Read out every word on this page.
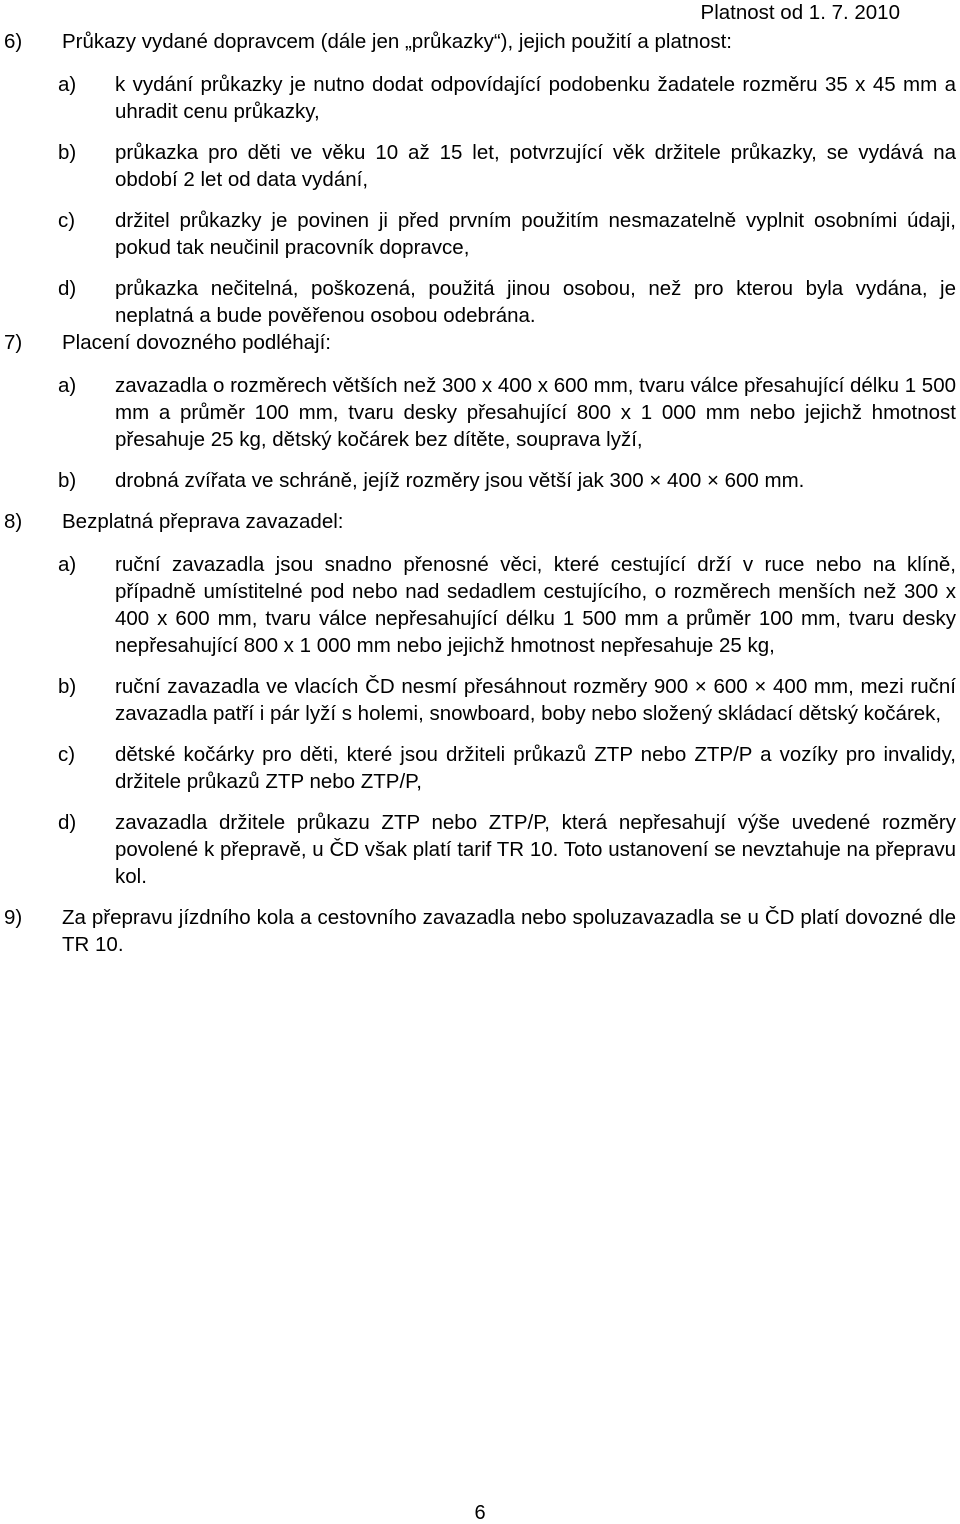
Platnost od 1. 7. 2010
6)	Průkazy vydané dopravcem (dále jen „průkazky“), jejich použití a platnost:
a)	k vydání průkazky je nutno dodat odpovídající podobenku žadatele rozměru 35 x 45 mm a uhradit cenu průkazky,
b)	průkazka pro děti ve věku 10 až 15 let, potvrzující věk držitele průkazky, se vydává na období 2 let od data vydání,
c)	držitel průkazky je povinen ji před prvním použitím nesmazatelně vyplnit osobními údaji, pokud tak neučinil pracovník dopravce,
d)	průkazka nečitelná, poškozená, použitá jinou osobou, než pro kterou byla vydána, je neplatná a bude pověřenou osobou odebrána.
7)	Placení dovozného podléhají:
a)	zavazadla o rozměrech větších než 300 x 400 x 600 mm, tvaru válce přesahující délku 1 500 mm a průměr 100 mm, tvaru desky přesahující 800 x 1 000 mm nebo jejichž hmotnost přesahuje 25 kg, dětský kočárek bez dítěte, souprava lyží,
b)	drobná zvířata ve schráně, jejíž rozměry jsou větší jak 300 × 400 × 600 mm.
8)	Bezplatná přeprava zavazadel:
a)	ruční zavazadla jsou snadno přenosné věci, které cestující drží v ruce nebo na klíně, případně umístitelné pod nebo nad sedadlem cestujícího, o rozměrech menších než 300 x 400 x 600 mm, tvaru válce nepřesahující délku 1 500 mm a průměr 100 mm, tvaru desky nepřesahující 800 x 1 000 mm nebo jejichž hmotnost nepřesahuje 25 kg,
b)	ruční zavazadla ve vlacích ČD nesmí přesáhnout rozměry 900 × 600 × 400 mm, mezi ruční zavazadla patří i pár lyží s holemi, snowboard, boby nebo složený skládací dětský kočárek,
c)	dětské kočárky pro děti, které jsou držiteli průkazů ZTP nebo ZTP/P a vozíky pro invalidy, držitele průkazů ZTP nebo ZTP/P,
d)	zavazadla držitele průkazu ZTP nebo ZTP/P, která nepřesahují výše uvedené rozměry povolené k přepravě, u ČD však platí tarif TR 10. Toto ustanovení se nevztahuje na přepravu kol.
9)	Za přepravu jízdního kola a cestovního zavazadla nebo spoluzavazadla se u ČD platí dovozné dle TR 10.
6
